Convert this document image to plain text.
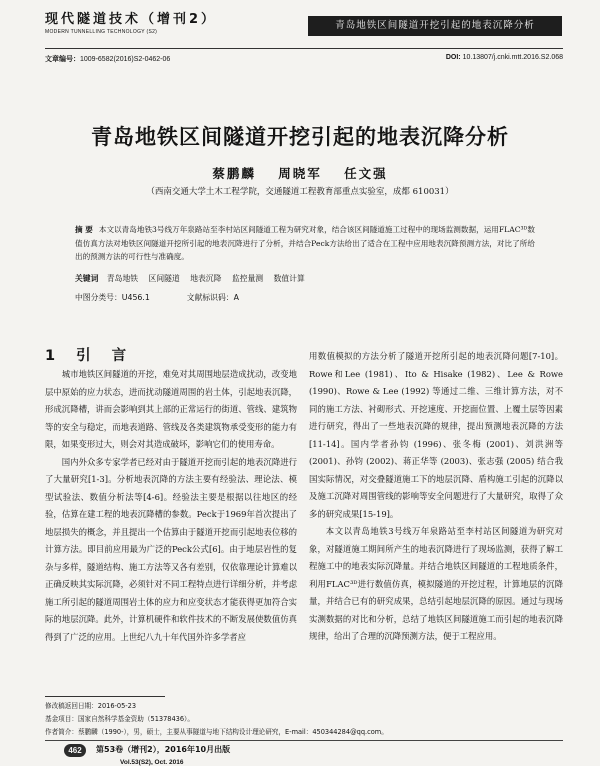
现代隧道技术（增刊2）
MODERN TUNNELLING TECHNOLOGY (S2)
青岛地铁区间隧道开挖引起的地表沉降分析
文章编号：1009-6582(2016)S2-0462-06	DOI: 10.13807/j.cnki.mtt.2016.S2.068
青岛地铁区间隧道开挖引起的地表沉降分析
蔡鹏麟 周晓军 任文强
（西南交通大学土木工程学院，交通隧道工程教育部重点实验室，成都 610031）
摘 要 本文以青岛地铁3号线万年泉路站至李村站区间隧道工程为研究对象，结合该区间隧道施工过程中的现场监测数据，运用FLAC³ᴰ数值仿真方法对地铁区间隧道开挖所引起的地表沉降进行了分析，并结合Peck方法给出了适合在工程中应用地表沉降预测方法，对比了所给出的预测方法的可行性与准确度。
关键词 青岛地铁 区间隧道 地表沉降 监控量测 数值计算
中图分类号：U456.1	文献标识码：A
1 引 言

城市地铁区间隧道的开挖，难免对其周围地层造成扰动，改变地层中原始的应力状态，进而扰动隧道周围的岩土体，引起地表沉降，形成沉降槽，讲而会影响到其上部的正常运行的街道、管线、建筑物等的安全与稳定，而地表道路、管线及各类建筑物承受变形的能力有限，如果变形过大，则会对其造成破坏，影响它们的使用寿命。

国内外众多专家学者已经对由于隧道开挖而引起的地表沉降进行了大量研究[1-3]。分析地表沉降的方法主要有经验法、理论法、模型试验法、数值分析法等[4-6]。经验法主要是根据以往地区的经验，估算在建工程的地表沉降槽的参数。Peck于1969年首次提出了地层损失的概念，并且提出一个估算由于隧道开挖而引起地表位移的计算方法。即目前应用最为广泛的Peck公式[6]。由于地层岩性的复杂与多样，隧道结构、施工方法等又各有差别，仅依靠理论计算难以正确反映其实际沉降，必须针对不同工程特点进行详细分析，并考虑施工所引起的隧道周围岩土体的应力和应变状态才能获得更加符合实际的地层沉降。此外，计算机硬件和软件技术的不断发展使数值仿真得到了广泛的应用。上世纪八九十年代国外许多学者应

用数值模拟的方法分析了隧道开挖所引起的地表沉降问题[7-10]。Rowe和Lee (1981)、Ito & Hisake (1982)、Lee & Rowe (1990)、Rowe & Lee (1992) 等通过二维、三维计算方法，对不同的施工方法、衬砌形式、开挖速度、开挖面位置、上覆土层等因素进行研究，得出了一些地表沉降的规律，提出预测地表沉降的方法[11-14]。国内学者孙钧 (1996)、张冬梅 (2001)、刘洪洲等 (2001)、孙钧 (2002)、蒋正华等 (2003)、张志强 (2005) 结合我国实际情况，对交叠隧道施工下的地层沉降、盾构施工引起的沉降以及施工沉降对周围管线的影响等安全问题进行了大量研究，取得了众多的研究成果[15-19]。

本文以青岛地铁3号线万年泉路站至李村站区间隧道为研究对象，对隧道施工期间所产生的地表沉降进行了现场监测，获得了解工程施工中的地表实际沉降量。并结合地铁区间隧道的工程地质条件，利用FLAC³ᴰ进行数值仿真，模拟隧道的开挖过程，计算地层的沉降量，并结合已有的研究成果，总结引起地层沉降的原因。通过与现场实测数据的对比和分析，总结了地铁区间隧道施工而引起的地表沉降规律，给出了合理的沉降预测方法，便于工程应用。

修改稿返回日期：2016-05-23
基金项目：国家自然科学基金资助（51378436）。
作者简介：蔡鹏麟（1990-），男，硕士，主要从事隧道与地下结构设计理论研究，E-mail：450344284@qq.com。
462	第53卷（增刊2），2016年10月出版
Vol.53(S2), Oct. 2016
